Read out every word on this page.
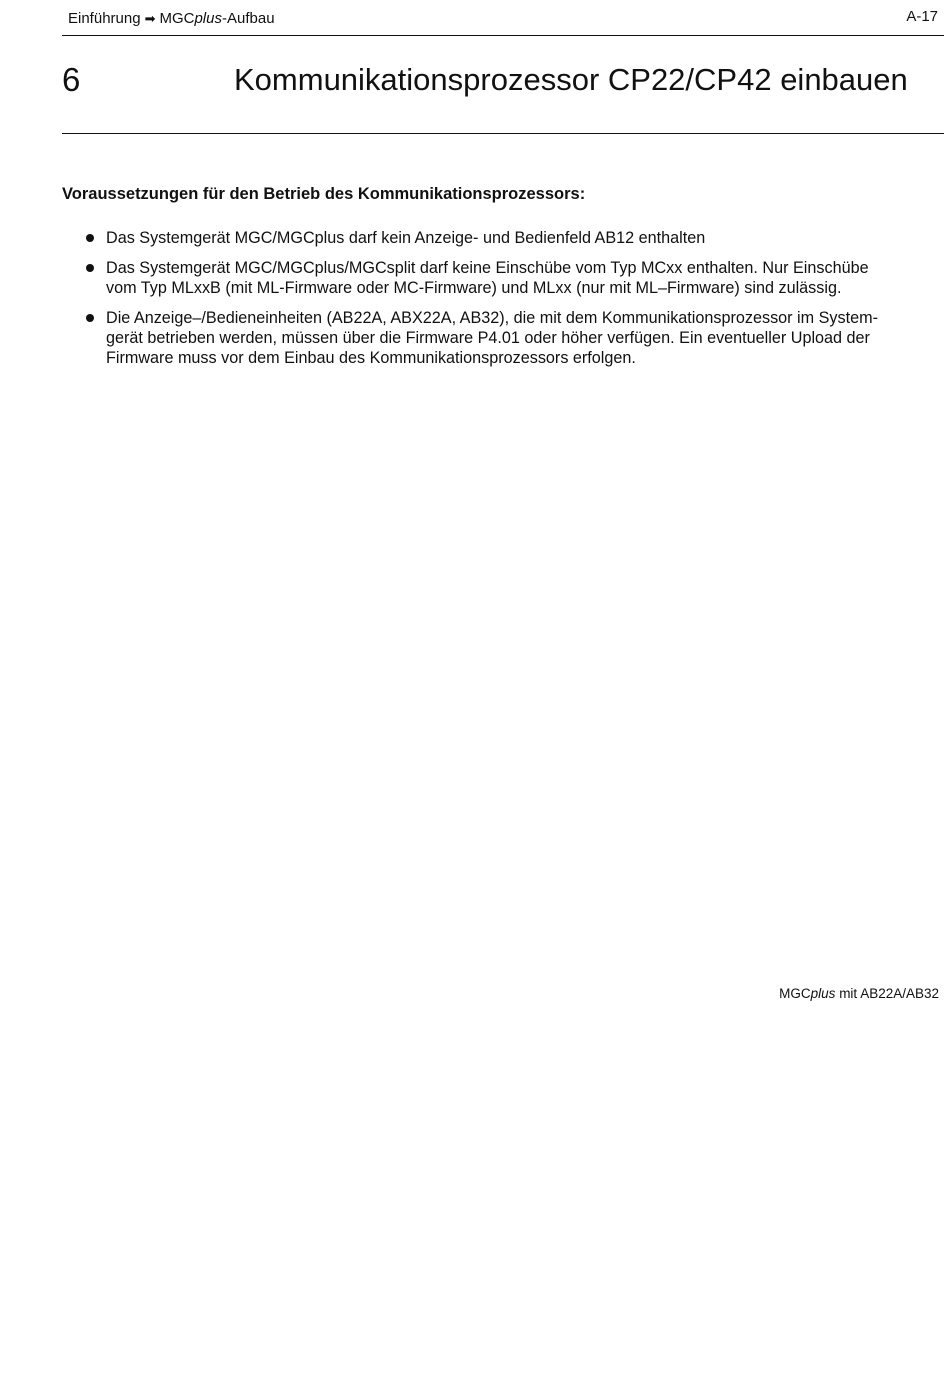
Einführung ➡ MGCplus-Aufbau	A-17
6	Kommunikationsprozessor CP22/CP42 einbauen
Voraussetzungen für den Betrieb des Kommunikationsprozessors:
Das Systemgerät MGC/MGCplus darf kein Anzeige- und Bedienfeld AB12 enthalten
Das Systemgerät MGC/MGCplus/MGCsplit darf keine Einschübe vom Typ MCxx enthalten. Nur Einschübe
vom Typ MLxxB (mit ML-Firmware oder MC-Firmware) und MLxx (nur mit ML–Firmware) sind zulässig.
Die Anzeige–/Bedieneinheiten (AB22A, ABX22A, AB32), die mit dem Kommunikationsprozessor im System-
gerät betrieben werden, müssen über die Firmware P4.01 oder höher verfügen. Ein eventueller Upload der
Firmware muss vor dem Einbau des Kommunikationsprozessors erfolgen.
MGCplus mit AB22A/AB32
